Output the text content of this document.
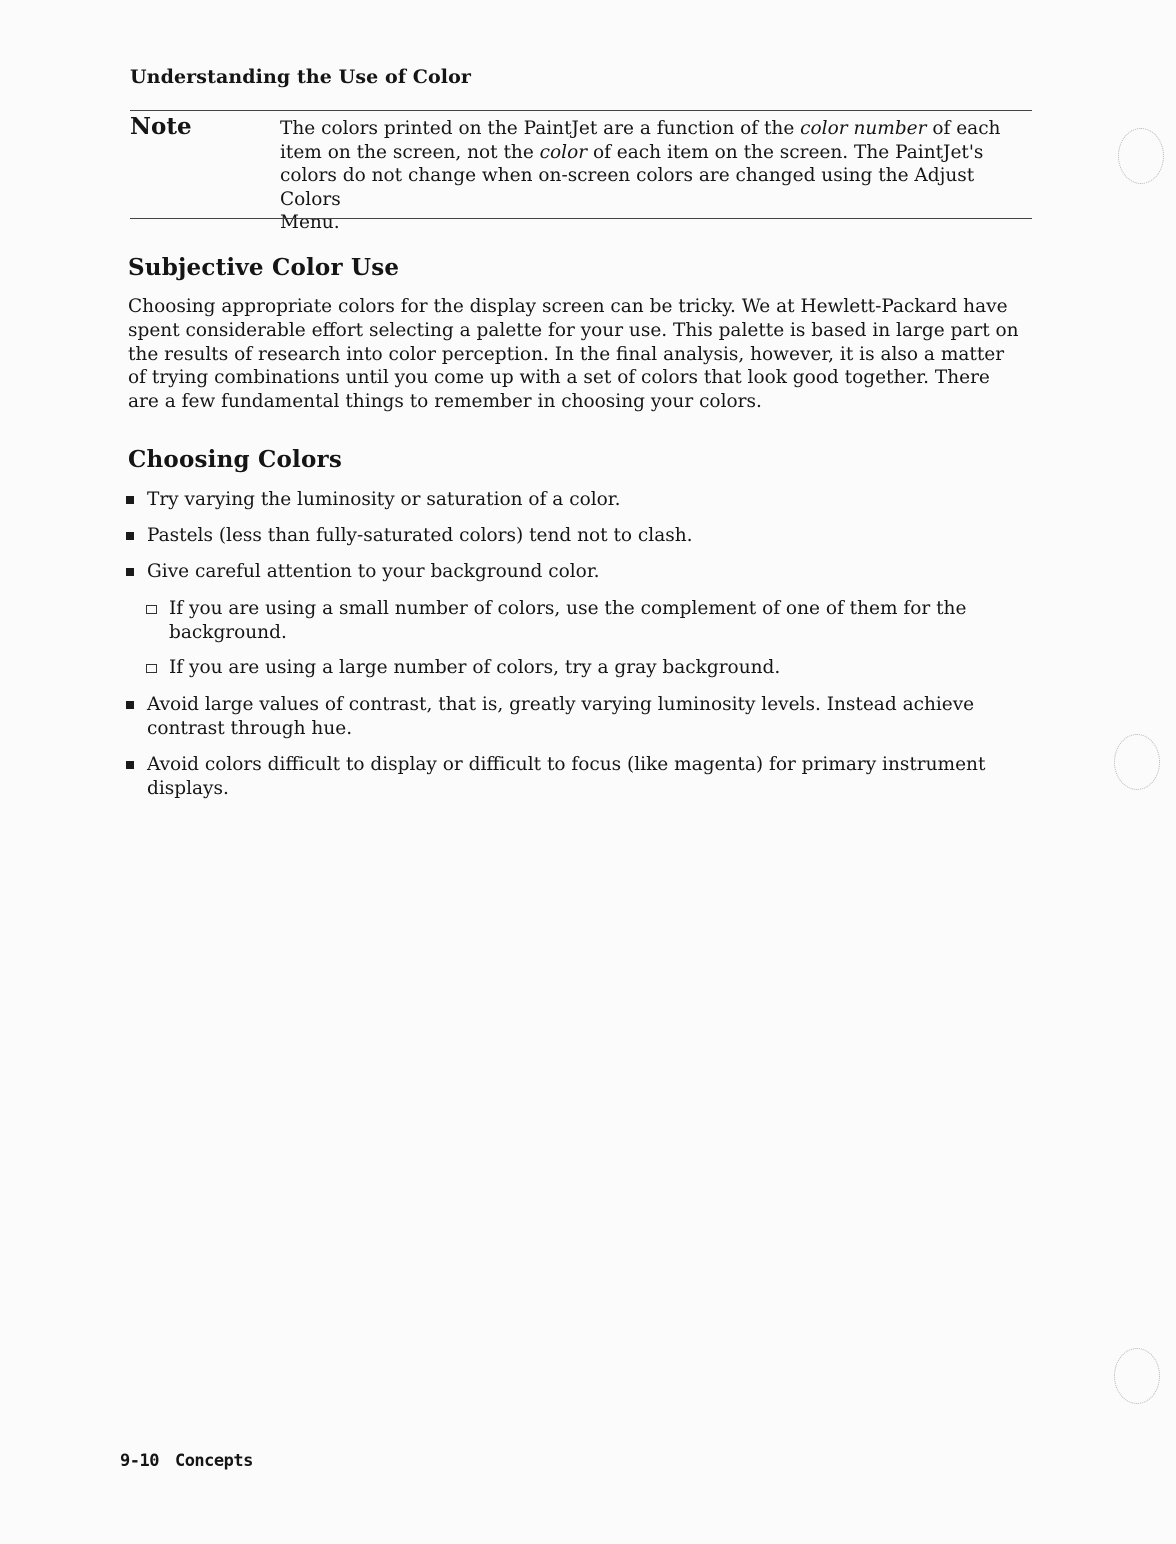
Understanding the Use of Color
Note	The colors printed on the PaintJet are a function of the color number of each
item on the screen, not the color of each item on the screen. The PaintJet's
colors do not change when on-screen colors are changed using the Adjust Colors
Menu.
Subjective Color Use

Choosing appropriate colors for the display screen can be tricky. We at Hewlett-Packard have
spent considerable effort selecting a palette for your use. This palette is based in large part on
the results of research into color perception. In the final analysis, however, it is also a matter
of trying combinations until you come up with a set of colors that look good together. There
are a few fundamental things to remember in choosing your colors.

Choosing Colors
Try varying the luminosity or saturation of a color.
Pastels (less than fully-saturated colors) tend not to clash.
Give careful attention to your background color.
If you are using a small number of colors, use the complement of one of them for the
background.
If you are using a large number of colors, try a gray background.
Avoid large values of contrast, that is, greatly varying luminosity levels. Instead achieve
contrast through hue.
Avoid colors difficult to display or difficult to focus (like magenta) for primary instrument
displays.
9-10 Concepts
